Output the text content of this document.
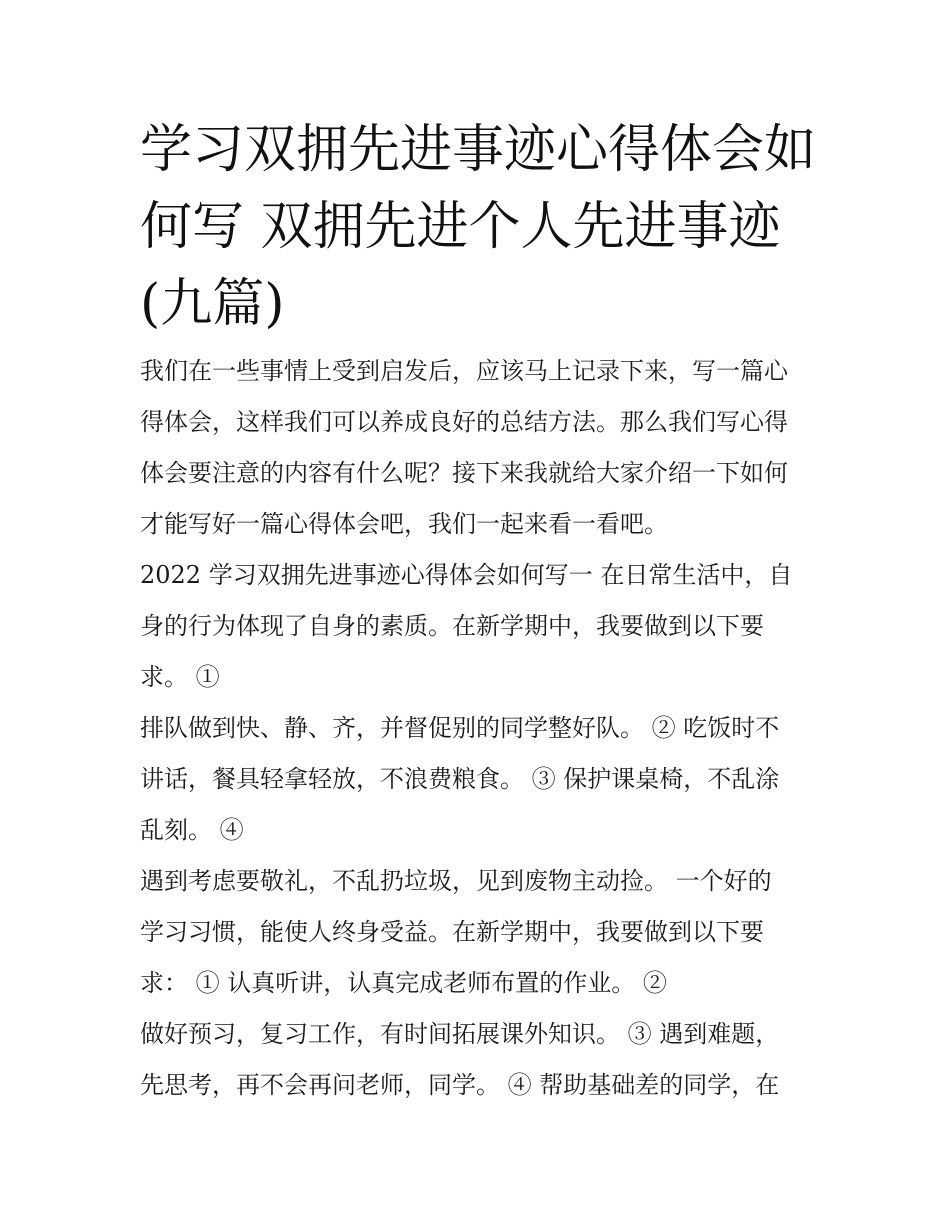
学习双拥先进事迹心得体会如
何写 双拥先进个人先进事迹
(九篇)
我们在一些事情上受到启发后，应该马上记录下来，写一篇心
得体会，这样我们可以养成良好的总结方法。那么我们写心得
体会要注意的内容有什么呢？接下来我就给大家介绍一下如何
才能写好一篇心得体会吧，我们一起来看一看吧。
2022 学习双拥先进事迹心得体会如何写一 在日常生活中，自
身的行为体现了自身的素质。在新学期中，我要做到以下要
求。 ①
排队做到快、静、齐，并督促别的同学整好队。 ② 吃饭时不
讲话，餐具轻拿轻放，不浪费粮食。 ③ 保护课桌椅，不乱涂
乱刻。 ④
遇到考虑要敬礼，不乱扔垃圾，见到废物主动捡。 一个好的
学习习惯，能使人终身受益。在新学期中，我要做到以下要
求： ① 认真听讲，认真完成老师布置的作业。 ②
做好预习，复习工作，有时间拓展课外知识。 ③ 遇到难题，
先思考，再不会再问老师，同学。 ④ 帮助基础差的同学，在
